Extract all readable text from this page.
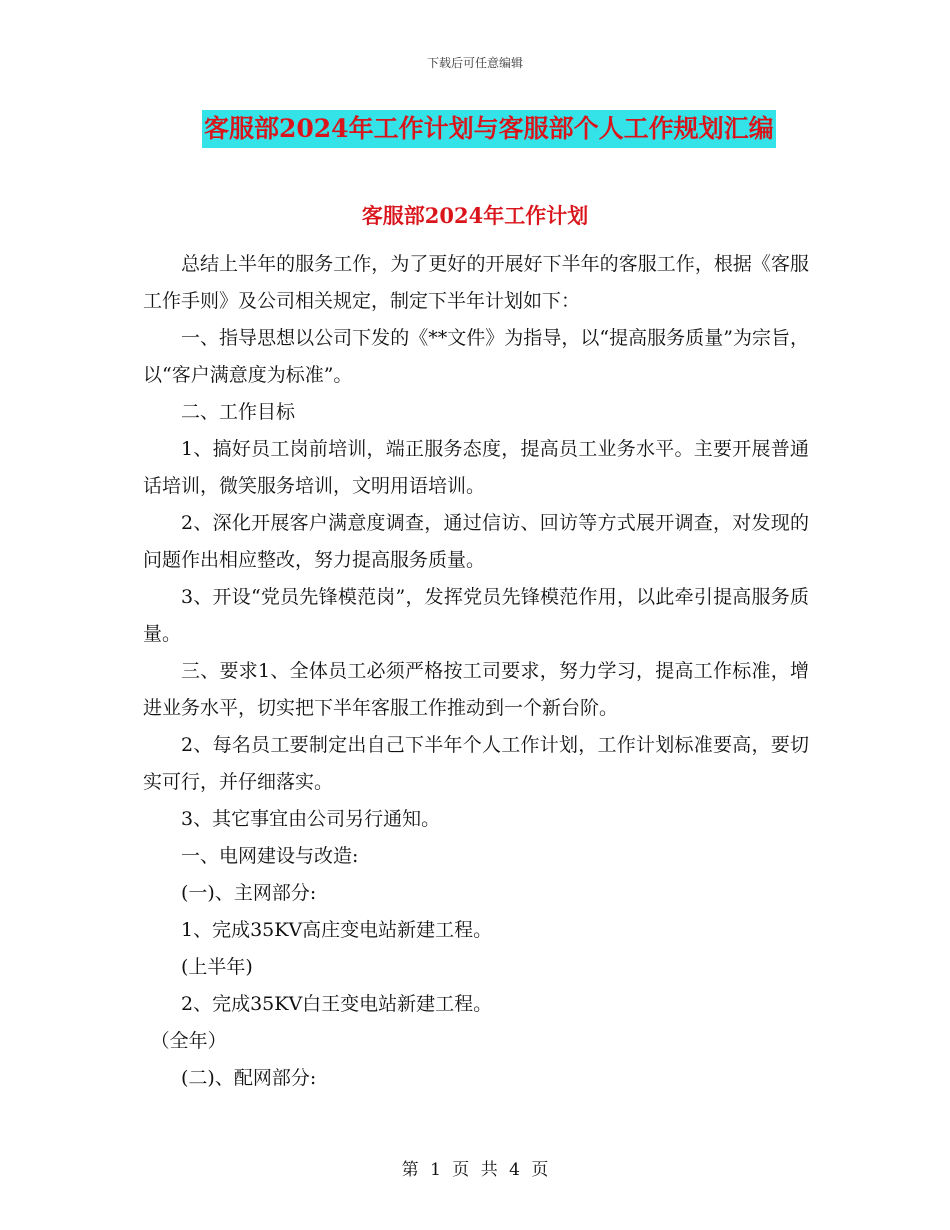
下载后可任意编辑
客服部2024年工作计划与客服部个人工作规划汇编
客服部2024年工作计划

总结上半年的服务工作，为了更好的开展好下半年的客服工作，根据《客服工作手则》及公司相关规定，制定下半年计划如下：

一、指导思想以公司下发的《**文件》为指导，以“提高服务质量”为宗旨，以“客户满意度为标准”。

二、工作目标

1、搞好员工岗前培训，端正服务态度，提高员工业务水平。主要开展普通话培训，微笑服务培训，文明用语培训。

2、深化开展客户满意度调查，通过信访、回访等方式展开调查，对发现的问题作出相应整改，努力提高服务质量。

3、开设“党员先锋模范岗”，发挥党员先锋模范作用，以此牵引提高服务质量。

三、要求1、全体员工必须严格按工司要求，努力学习，提高工作标准，增进业务水平，切实把下半年客服工作推动到一个新台阶。

2、每名员工要制定出自己下半年个人工作计划，工作计划标准要高，要切实可行，并仔细落实。

3、其它事宜由公司另行通知。

一、电网建设与改造:

(一)、主网部分:

1、完成35KV高庄变电站新建工程。

(上半年)

2、完成35KV白王变电站新建工程。

（全年）

(二)、配网部分:

第 1 页 共 4 页
